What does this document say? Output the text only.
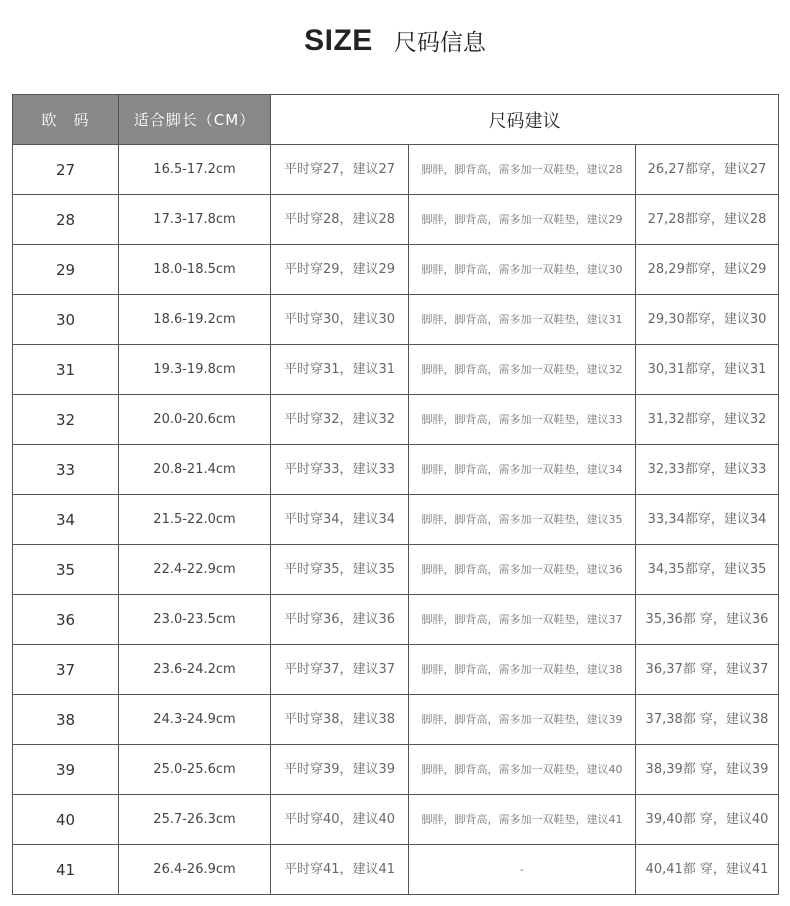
SIZE 尺码信息
欧　码	适合脚长（CM）	尺码建议		
27	16.5-17.2cm	平时穿27，建议27	脚胖，脚背高，需多加一双鞋垫，建议28	26,27都穿，建议27
28	17.3-17.8cm	平时穿28，建议28	脚胖，脚背高，需多加一双鞋垫，建议29	27,28都穿，建议28
29	18.0-18.5cm	平时穿29，建议29	脚胖，脚背高，需多加一双鞋垫，建议30	28,29都穿，建议29
30	18.6-19.2cm	平时穿30，建议30	脚胖，脚背高，需多加一双鞋垫，建议31	29,30都穿，建议30
31	19.3-19.8cm	平时穿31，建议31	脚胖，脚背高，需多加一双鞋垫，建议32	30,31都穿，建议31
32	20.0-20.6cm	平时穿32，建议32	脚胖，脚背高，需多加一双鞋垫，建议33	31,32都穿，建议32
33	20.8-21.4cm	平时穿33，建议33	脚胖，脚背高，需多加一双鞋垫，建议34	32,33都穿，建议33
34	21.5-22.0cm	平时穿34，建议34	脚胖，脚背高，需多加一双鞋垫，建议35	33,34都穿，建议34
35	22.4-22.9cm	平时穿35，建议35	脚胖，脚背高，需多加一双鞋垫，建议36	34,35都穿，建议35
36	23.0-23.5cm	平时穿36，建议36	脚胖，脚背高，需多加一双鞋垫，建议37	35,36都 穿，建议36
37	23.6-24.2cm	平时穿37，建议37	脚胖，脚背高，需多加一双鞋垫，建议38	36,37都 穿，建议37
38	24.3-24.9cm	平时穿38，建议38	脚胖，脚背高，需多加一双鞋垫，建议39	37,38都 穿，建议38
39	25.0-25.6cm	平时穿39，建议39	脚胖，脚背高，需多加一双鞋垫，建议40	38,39都 穿，建议39
40	25.7-26.3cm	平时穿40，建议40	脚胖，脚背高，需多加一双鞋垫，建议41	39,40都 穿，建议40
41	26.4-26.9cm	平时穿41，建议41	-	40,41都 穿，建议41
